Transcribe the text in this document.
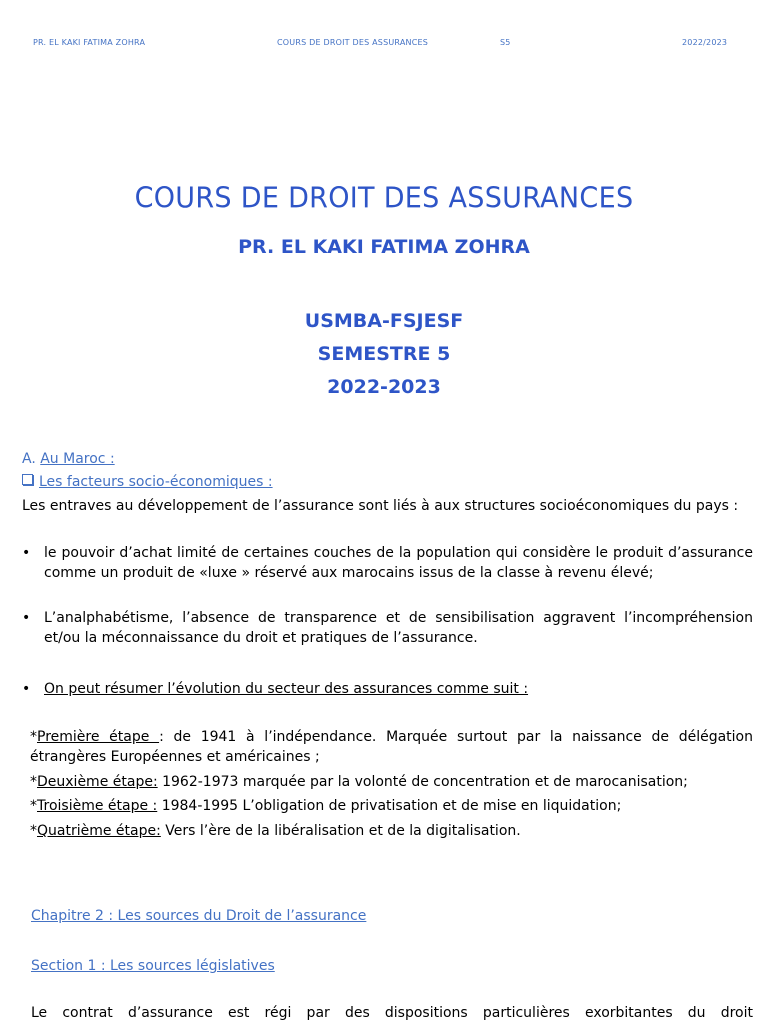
PR. EL KAKI FATIMA ZOHRA	COURS DE DROIT DES ASSURANCES	S5	2022/2023
COURS DE DROIT DES ASSURANCES
PR. EL KAKI FATIMA ZOHRA
USMBA-FSJESF
SEMESTRE 5
2022-2023
A. Au Maroc :
Les facteurs socio-économiques :
Les entraves au développement de l’assurance sont liés à aux structures socioéconomiques du pays :
• le pouvoir d’achat limité de certaines couches de la population qui considère le produit d’assurance comme un produit de «luxe » réservé aux marocains issus de la classe à revenu élevé;
• L’analphabétisme, l’absence de transparence et de sensibilisation aggravent l’incompréhension et/ou la méconnaissance du droit et pratiques de l’assurance.
• On peut résumer l’évolution du secteur des assurances comme suit :
*Première étape : de 1941 à l’indépendance. Marquée surtout par la naissance de délégation étrangères Européennes et américaines ;
*Deuxième étape: 1962-1973 marquée par la volonté de concentration et de marocanisation;
*Troisième étape : 1984-1995 L’obligation de privatisation et de mise en liquidation;
*Quatrième étape: Vers l’ère de la libéralisation et de la digitalisation.
Chapitre 2 : Les sources du Droit de l’assurance
Section 1 : Les sources législatives
Le contrat d’assurance est régi par des dispositions particulières exorbitantes du droit
